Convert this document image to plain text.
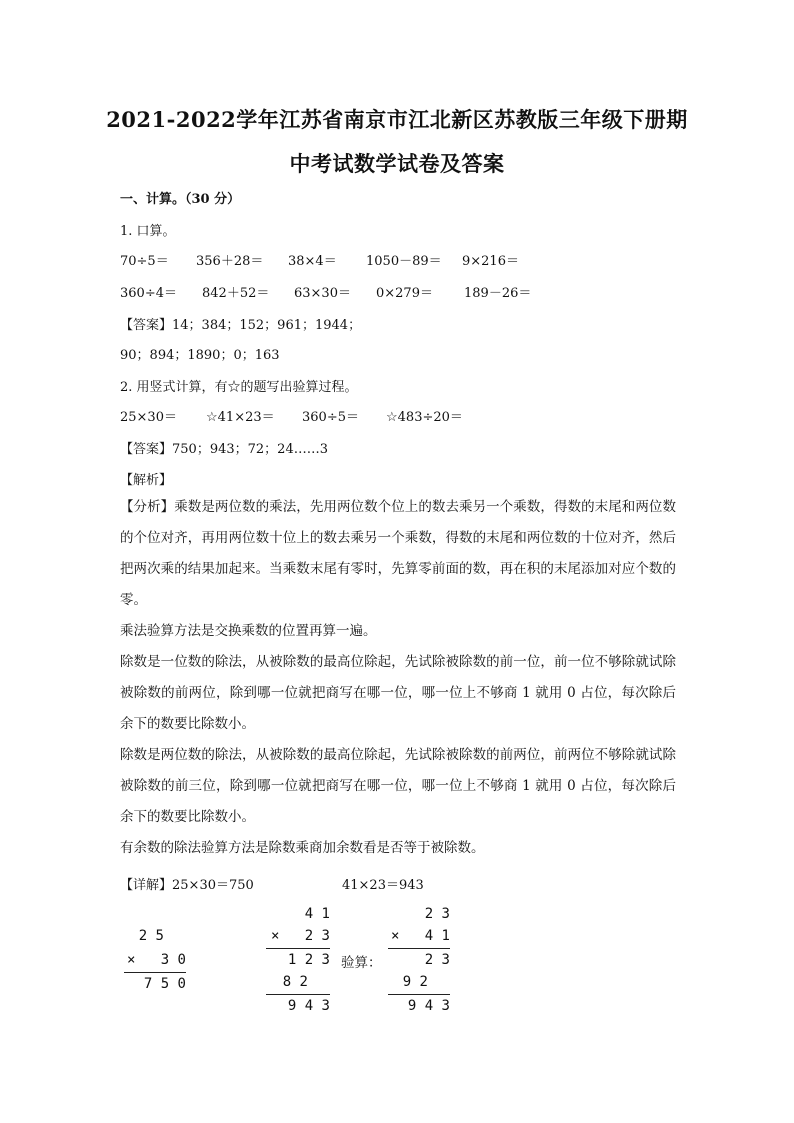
2021-2022学年江苏省南京市江北新区苏教版三年级下册期
中考试数学试卷及答案
一、计算。（30 分）
1. 口算。
70÷5＝ 356＋28＝ 38×4＝ 1050－89＝ 9×216＝
360÷4＝ 842＋52＝ 63×30＝ 0×279＝ 189－26＝
【答案】14；384；152；961；1944；
90；894；1890；0；163
2. 用竖式计算，有☆的题写出验算过程。
25×30＝ ☆41×23＝ 360÷5＝ ☆483÷20＝
【答案】750；943；72；24……3
【解析】
【分析】乘数是两位数的乘法，先用两位数个位上的数去乘另一个乘数，得数的末尾和两位数的个位对齐，再用两位数十位上的数去乘另一个乘数，得数的末尾和两位数的十位对齐，然后把两次乘的结果加起来。当乘数末尾有零时，先算零前面的数，再在积的末尾添加对应个数的零。
乘法验算方法是交换乘数的位置再算一遍。
除数是一位数的除法，从被除数的最高位除起，先试除被除数的前一位，前一位不够除就试除被除数的前两位，除到哪一位就把商写在哪一位，哪一位上不够商 1 就用 0 占位，每次除后余下的数要比除数小。
除数是两位数的除法，从被除数的最高位除起，先试除被除数的前两位，前两位不够除就试除被除数的前三位，除到哪一位就把商写在哪一位，哪一位上不够商 1 就用 0 占位，每次除后余下的数要比除数小。
有余数的除法验算方法是除数乘商加余数看是否等于被除数。
【详解】25×30＝750	41×23＝943
2 5
×   3 0
7 5 0
4 1
×   2 3
1 2 3
8 2
9 4 3
验算：
2 3
×   4 1
2 3
9 2
9 4 3
